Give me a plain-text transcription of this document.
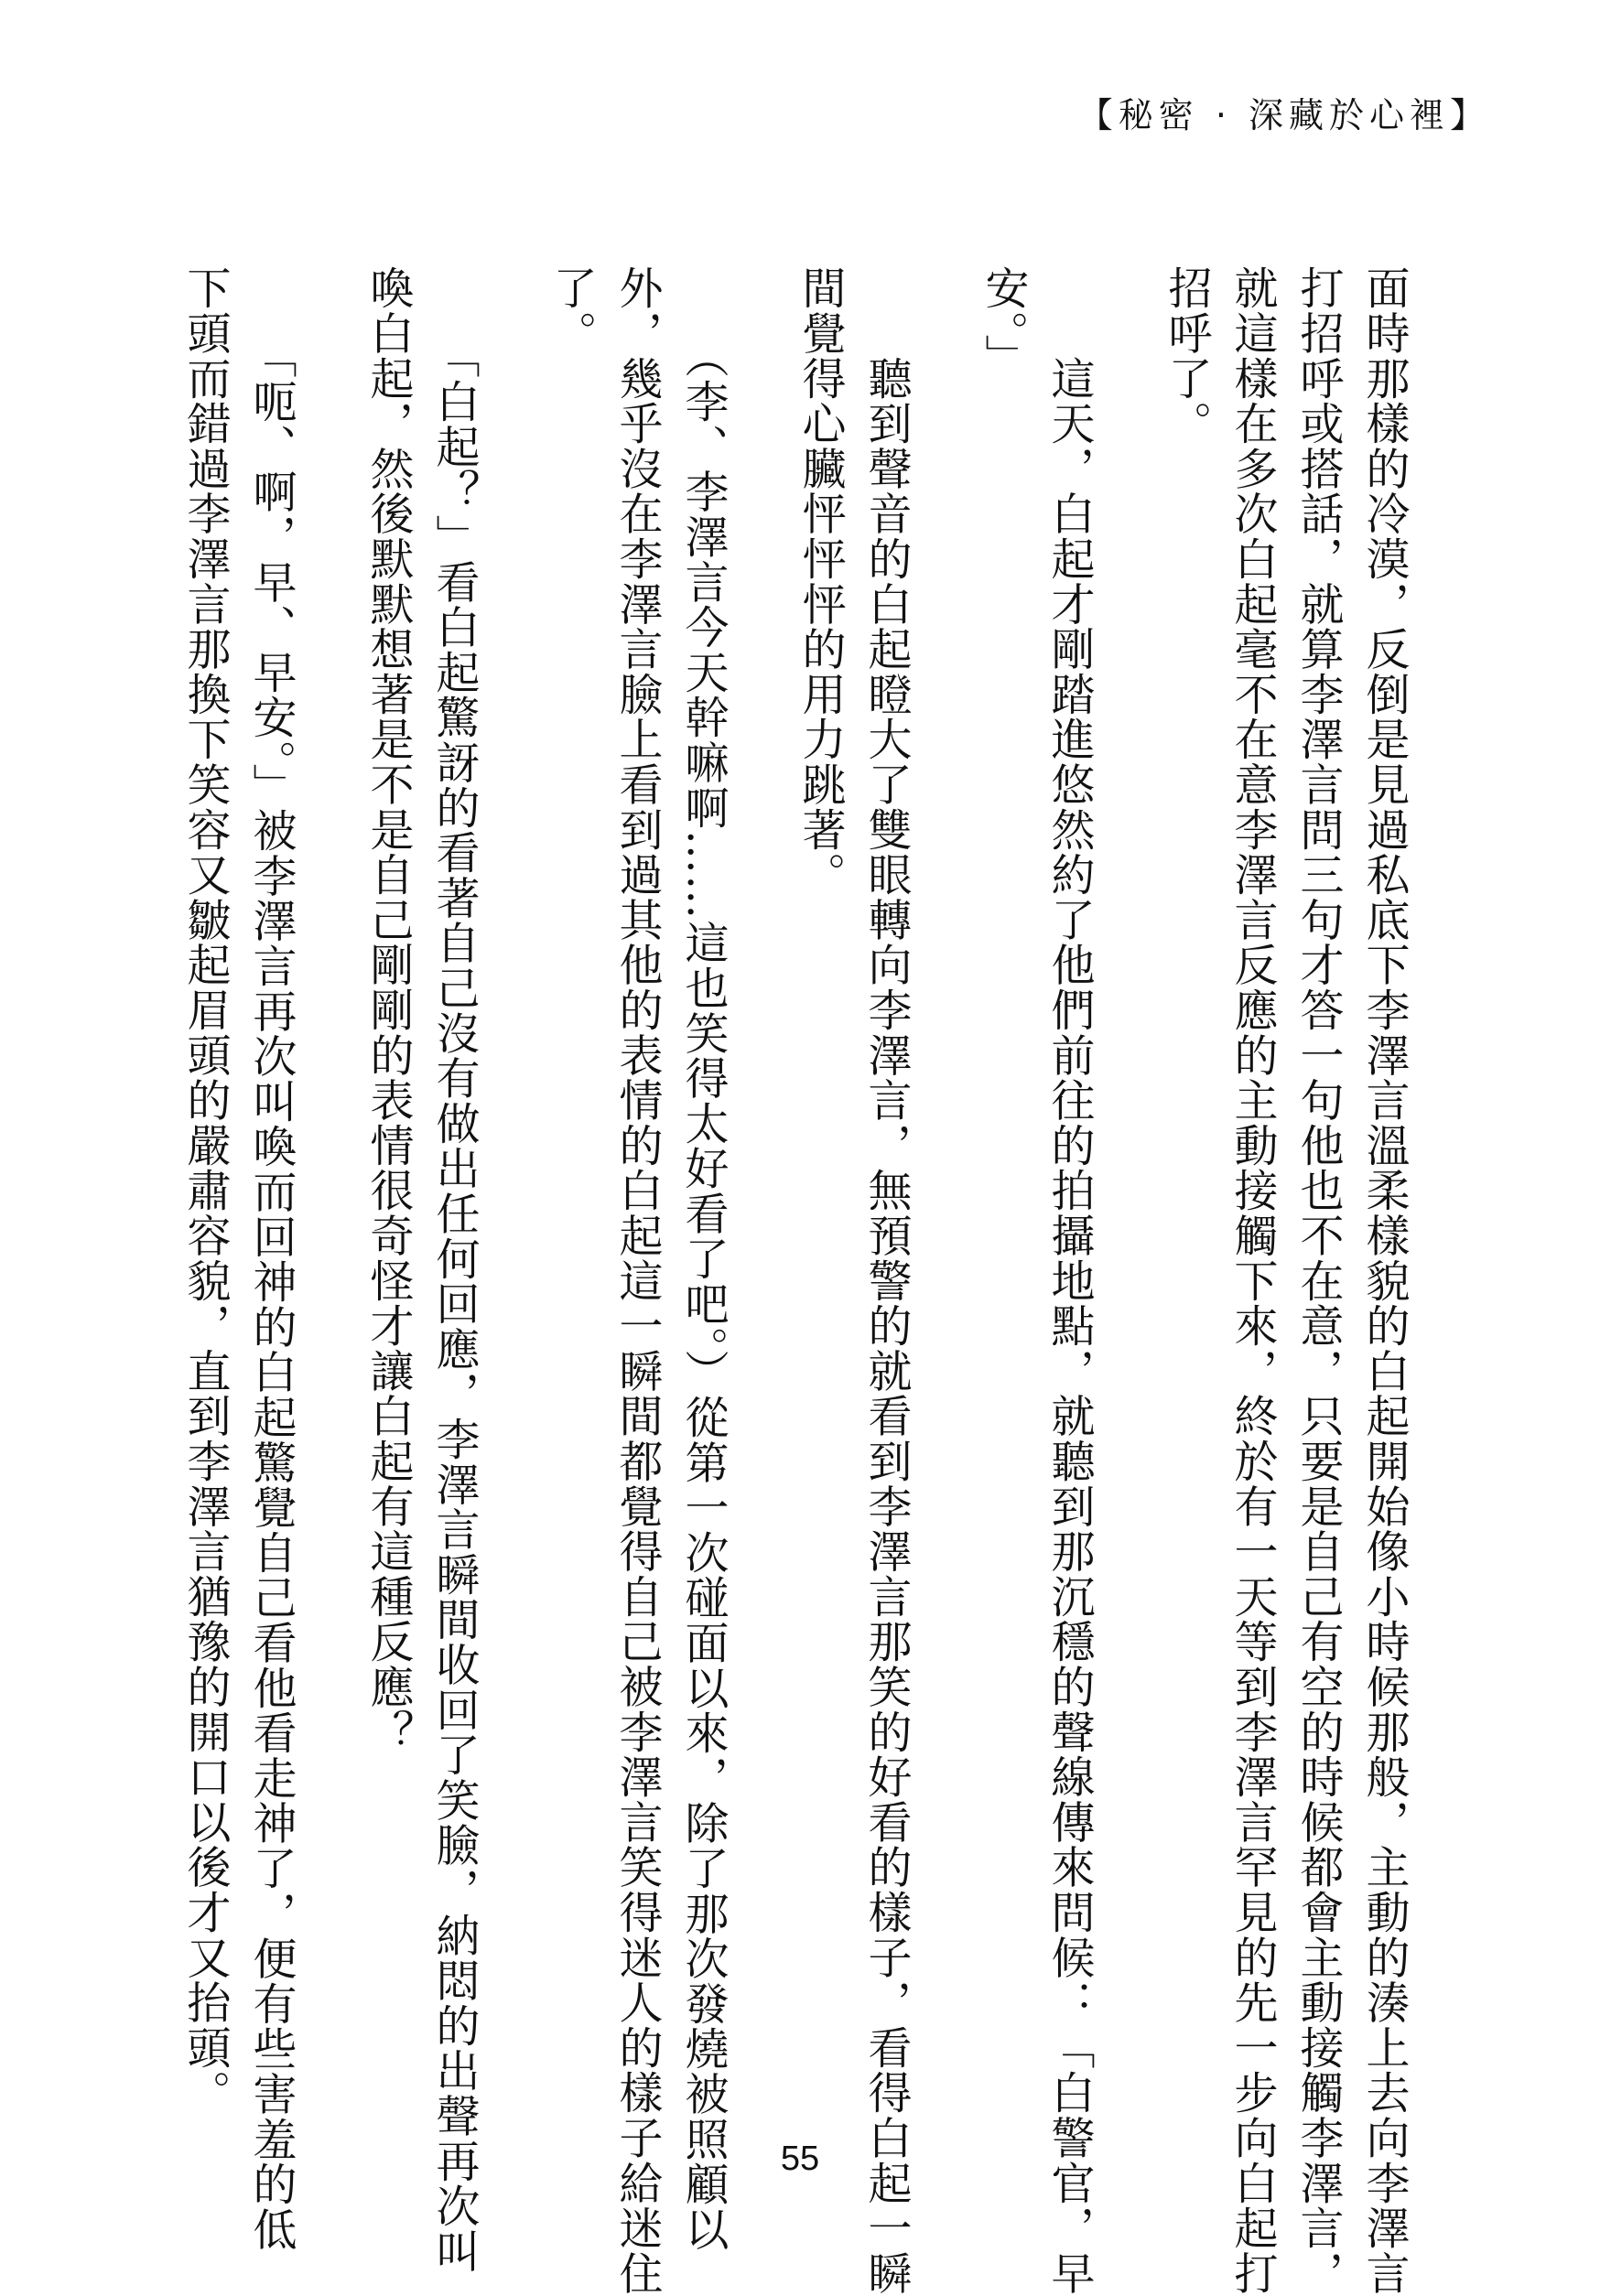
【秘密 · 深藏於心裡】
面時那樣的冷漠，反倒是見過私底下李澤言溫柔樣貌的白起開始像小時候那般，主動的湊上去向李澤言
打招呼或搭話，就算李澤言問三句才答一句他也不在意，只要是自己有空的時候都會主動接觸李澤言，
就這樣在多次白起毫不在意李澤言反應的主動接觸下來，終於有一天等到李澤言罕見的先一步向白起打
招呼了。
　　這天，白起才剛踏進悠然約了他們前往的拍攝地點，就聽到那沉穩的聲線傳來問候：「白警官，早
安。」
　　聽到聲音的白起瞪大了雙眼轉向李澤言，無預警的就看到李澤言那笑的好看的樣子，看得白起一瞬
間覺得心臟怦怦怦的用力跳著。
　　（李、李澤言今天幹嘛啊……這也笑得太好看了吧。）從第一次碰面以來，除了那次發燒被照顧以
外，幾乎沒在李澤言臉上看到過其他的表情的白起這一瞬間都覺得自己被李澤言笑得迷人的樣子給迷住
了。
　　「白起？」看白起驚訝的看著自己沒有做出任何回應，李澤言瞬間收回了笑臉，納悶的出聲再次叫
喚白起，然後默默想著是不是自己剛剛的表情很奇怪才讓白起有這種反應？
　　「呃、啊，早、早安。」被李澤言再次叫喚而回神的白起驚覺自己看他看走神了，便有些害羞的低
下頭而錯過李澤言那換下笑容又皺起眉頭的嚴肅容貌，直到李澤言猶豫的開口以後才又抬頭。
55
